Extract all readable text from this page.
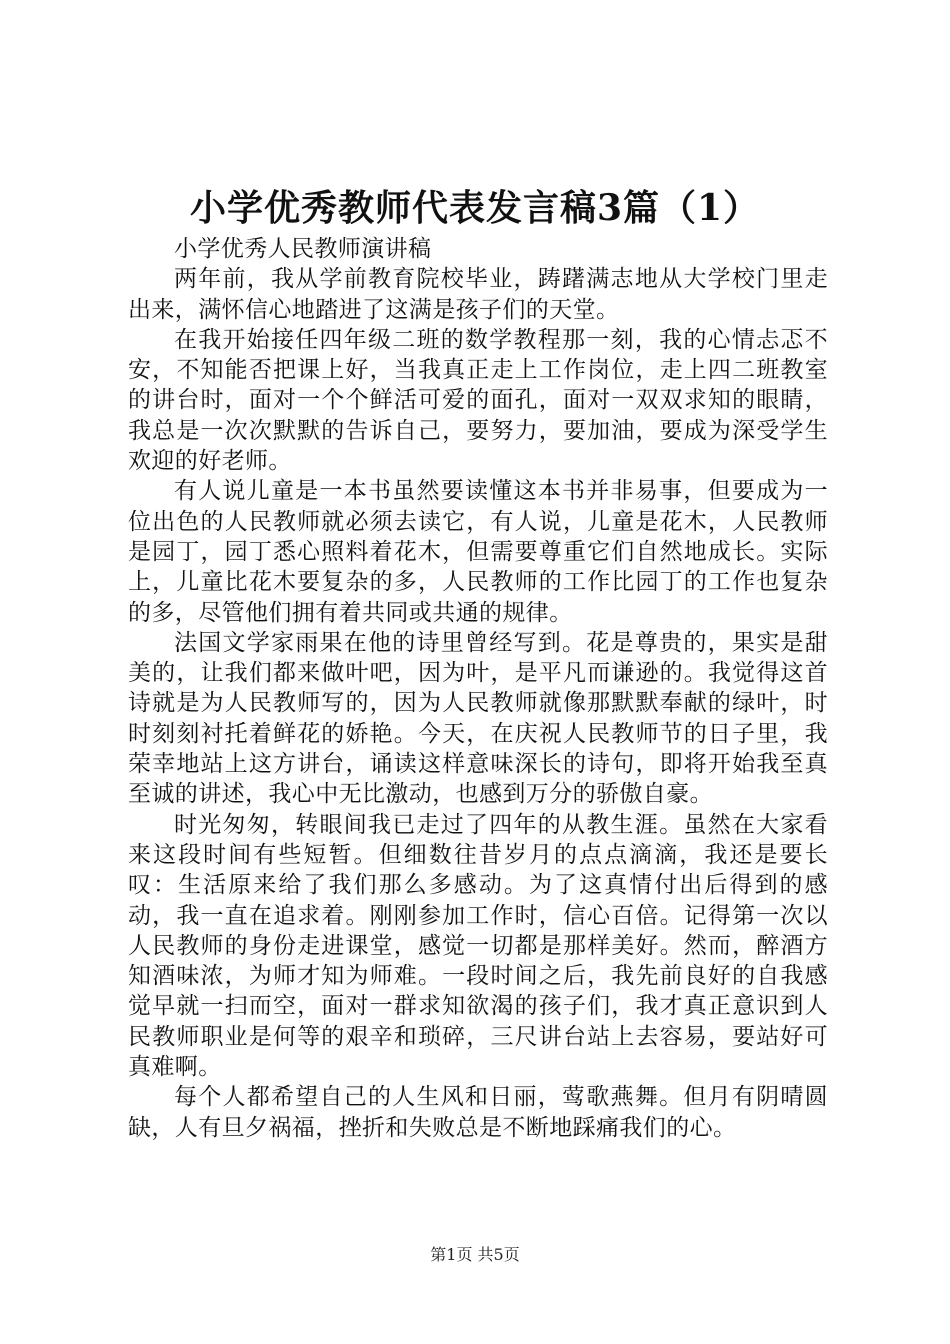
小学优秀教师代表发言稿3篇（1）

小学优秀人民教师演讲稿

两年前，我从学前教育院校毕业，踌躇满志地从大学校门里走出来，满怀信心地踏进了这满是孩子们的天堂。

在我开始接任四年级二班的数学教程那一刻，我的心情忐忑不安，不知能否把课上好，当我真正走上工作岗位，走上四二班教室的讲台时，面对一个个鲜活可爱的面孔，面对一双双求知的眼睛，我总是一次次默默的告诉自己，要努力，要加油，要成为深受学生欢迎的好老师。

有人说儿童是一本书虽然要读懂这本书并非易事，但要成为一位出色的人民教师就必须去读它，有人说，儿童是花木，人民教师是园丁，园丁悉心照料着花木，但需要尊重它们自然地成长。实际上，儿童比花木要复杂的多，人民教师的工作比园丁的工作也复杂的多，尽管他们拥有着共同或共通的规律。

法国文学家雨果在他的诗里曾经写到。花是尊贵的，果实是甜美的，让我们都来做叶吧，因为叶，是平凡而谦逊的。我觉得这首诗就是为人民教师写的，因为人民教师就像那默默奉献的绿叶，时时刻刻衬托着鲜花的娇艳。今天，在庆祝人民教师节的日子里，我荣幸地站上这方讲台，诵读这样意味深长的诗句，即将开始我至真至诚的讲述，我心中无比激动，也感到万分的骄傲自豪。

时光匆匆，转眼间我已走过了四年的从教生涯。虽然在大家看来这段时间有些短暂。但细数往昔岁月的点点滴滴，我还是要长叹：生活原来给了我们那么多感动。为了这真情付出后得到的感动，我一直在追求着。刚刚参加工作时，信心百倍。记得第一次以人民教师的身份走进课堂，感觉一切都是那样美好。然而，醉酒方知酒味浓，为师才知为师难。一段时间之后，我先前良好的自我感觉早就一扫而空，面对一群求知欲渴的孩子们，我才真正意识到人民教师职业是何等的艰辛和琐碎，三尺讲台站上去容易，要站好可真难啊。

每个人都希望自己的人生风和日丽，莺歌燕舞。但月有阴晴圆缺，人有旦夕祸福，挫折和失败总是不断地踩痛我们的心。

第1页 共5页
